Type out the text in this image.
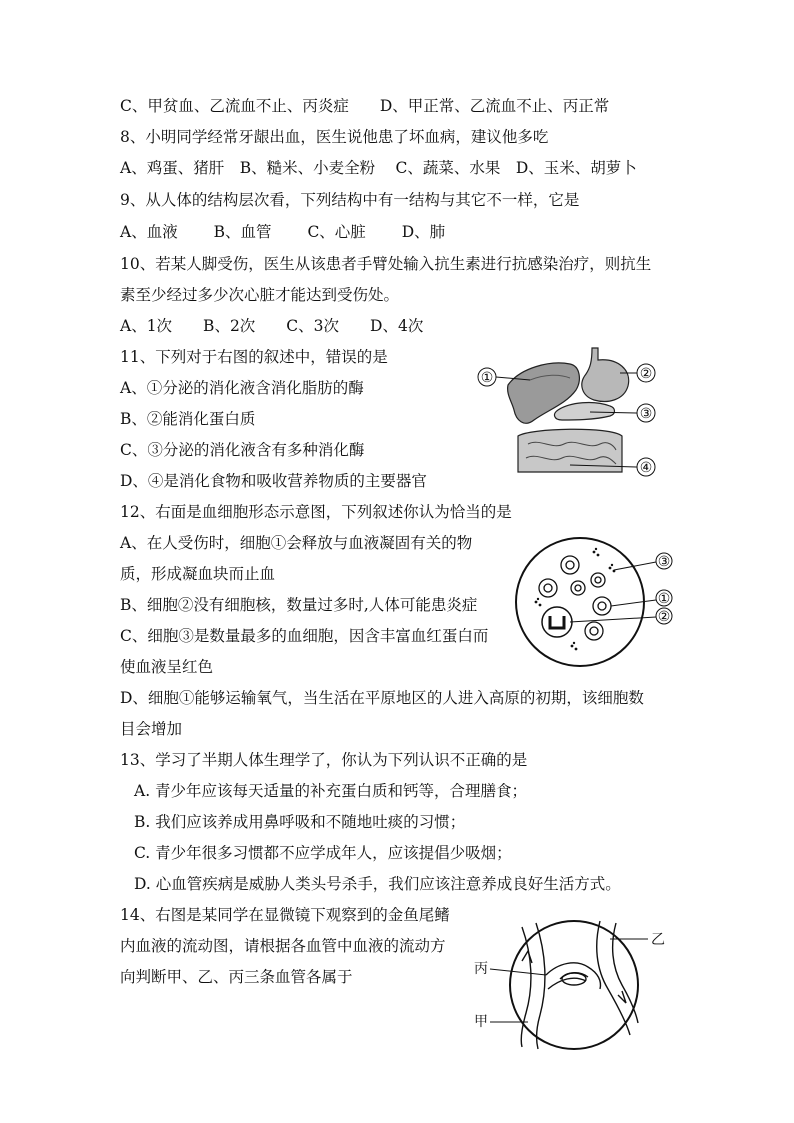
C、甲贫血、乙流血不止、丙炎症　　D、甲正常、乙流血不止、丙正常
8、小明同学经常牙龈出血，医生说他患了坏血病，建议他多吃
A、鸡蛋、猪肝　B、糙米、小麦全粉　 C、蔬菜、水果　D、玉米、胡萝卜
9、从人体的结构层次看，下列结构中有一结构与其它不一样，它是
A、血液　　 B、血管　　 C、心脏　　 D、肺
10、若某人脚受伤，医生从该患者手臂处输入抗生素进行抗感染治疗，则抗生
素至少经过多少次心脏才能达到受伤处。
A、1次　　B、2次　　C、3次　　D、4次
11、下列对于右图的叙述中，错误的是
A、①分泌的消化液含消化脂肪的酶
B、②能消化蛋白质
C、③分泌的消化液含有多种消化酶
D、④是消化食物和吸收营养物质的主要器官
12、右面是血细胞形态示意图，下列叙述你认为恰当的是
A、在人受伤时，细胞①会释放与血液凝固有关的物
质，形成凝血块而止血
B、细胞②没有细胞核，数量过多时,人体可能患炎症
C、细胞③是数量最多的血细胞，因含丰富血红蛋白而
使血液呈红色
D、细胞①能够运输氧气，当生活在平原地区的人进入高原的初期，该细胞数
目会增加
13、学习了半期人体生理学了，你认为下列认识不正确的是
A. 青少年应该每天适量的补充蛋白质和钙等，合理膳食；
B. 我们应该养成用鼻呼吸和不随地吐痰的习惯；
C. 青少年很多习惯都不应学成年人，应该提倡少吸烟；
D. 心血管疾病是威胁人类头号杀手，我们应该注意养成良好生活方式。
14、右图是某同学在显微镜下观察到的金鱼尾鳍
内血液的流动图，请根据各血管中血液的流动方
向判断甲、乙、丙三条血管各属于
①	②
③
④
③
①
②
乙
丙
甲
